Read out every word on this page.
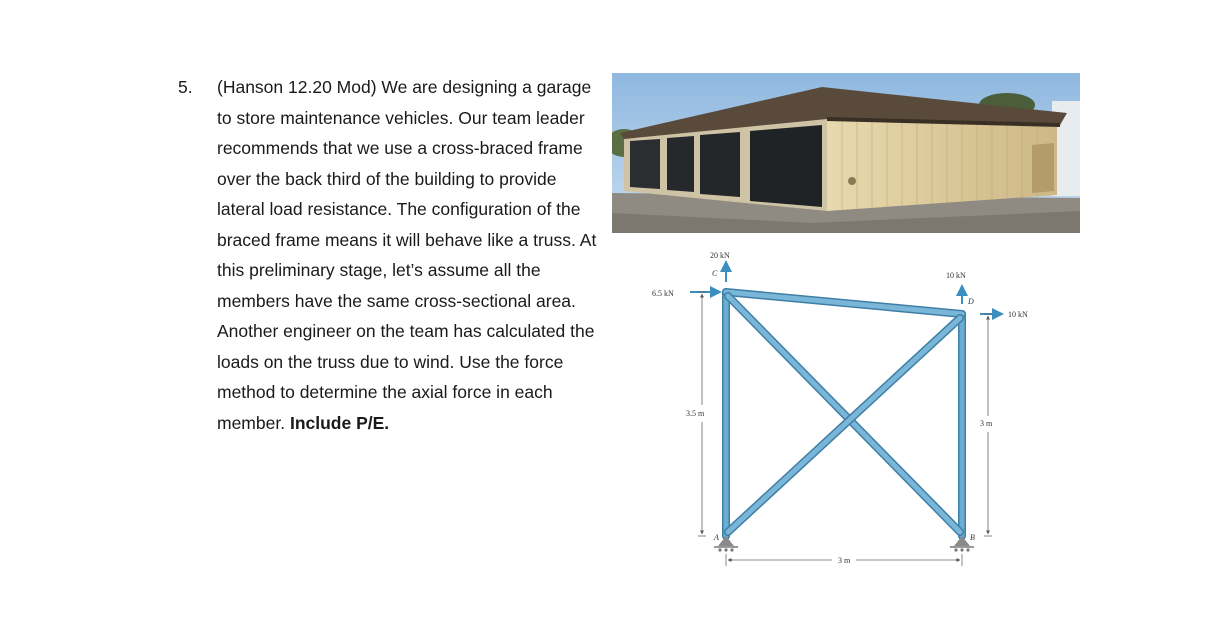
5. (Hanson 12.20 Mod) We are designing a garage to store maintenance vehicles. Our team leader recommends that we use a cross-braced frame over the back third of the building to provide lateral load resistance. The configuration of the braced frame means it will behave like a truss. At this preliminary stage, let’s assume all the members have the same cross-sectional area. Another engineer on the team has calculated the loads on the truss due to wind. Use the force method to determine the axial force in each member. Include P/E.
20 kN
6.5 kN
10 kN
10 kN
C
D
A	B
3.5 m
3 m
3 m
